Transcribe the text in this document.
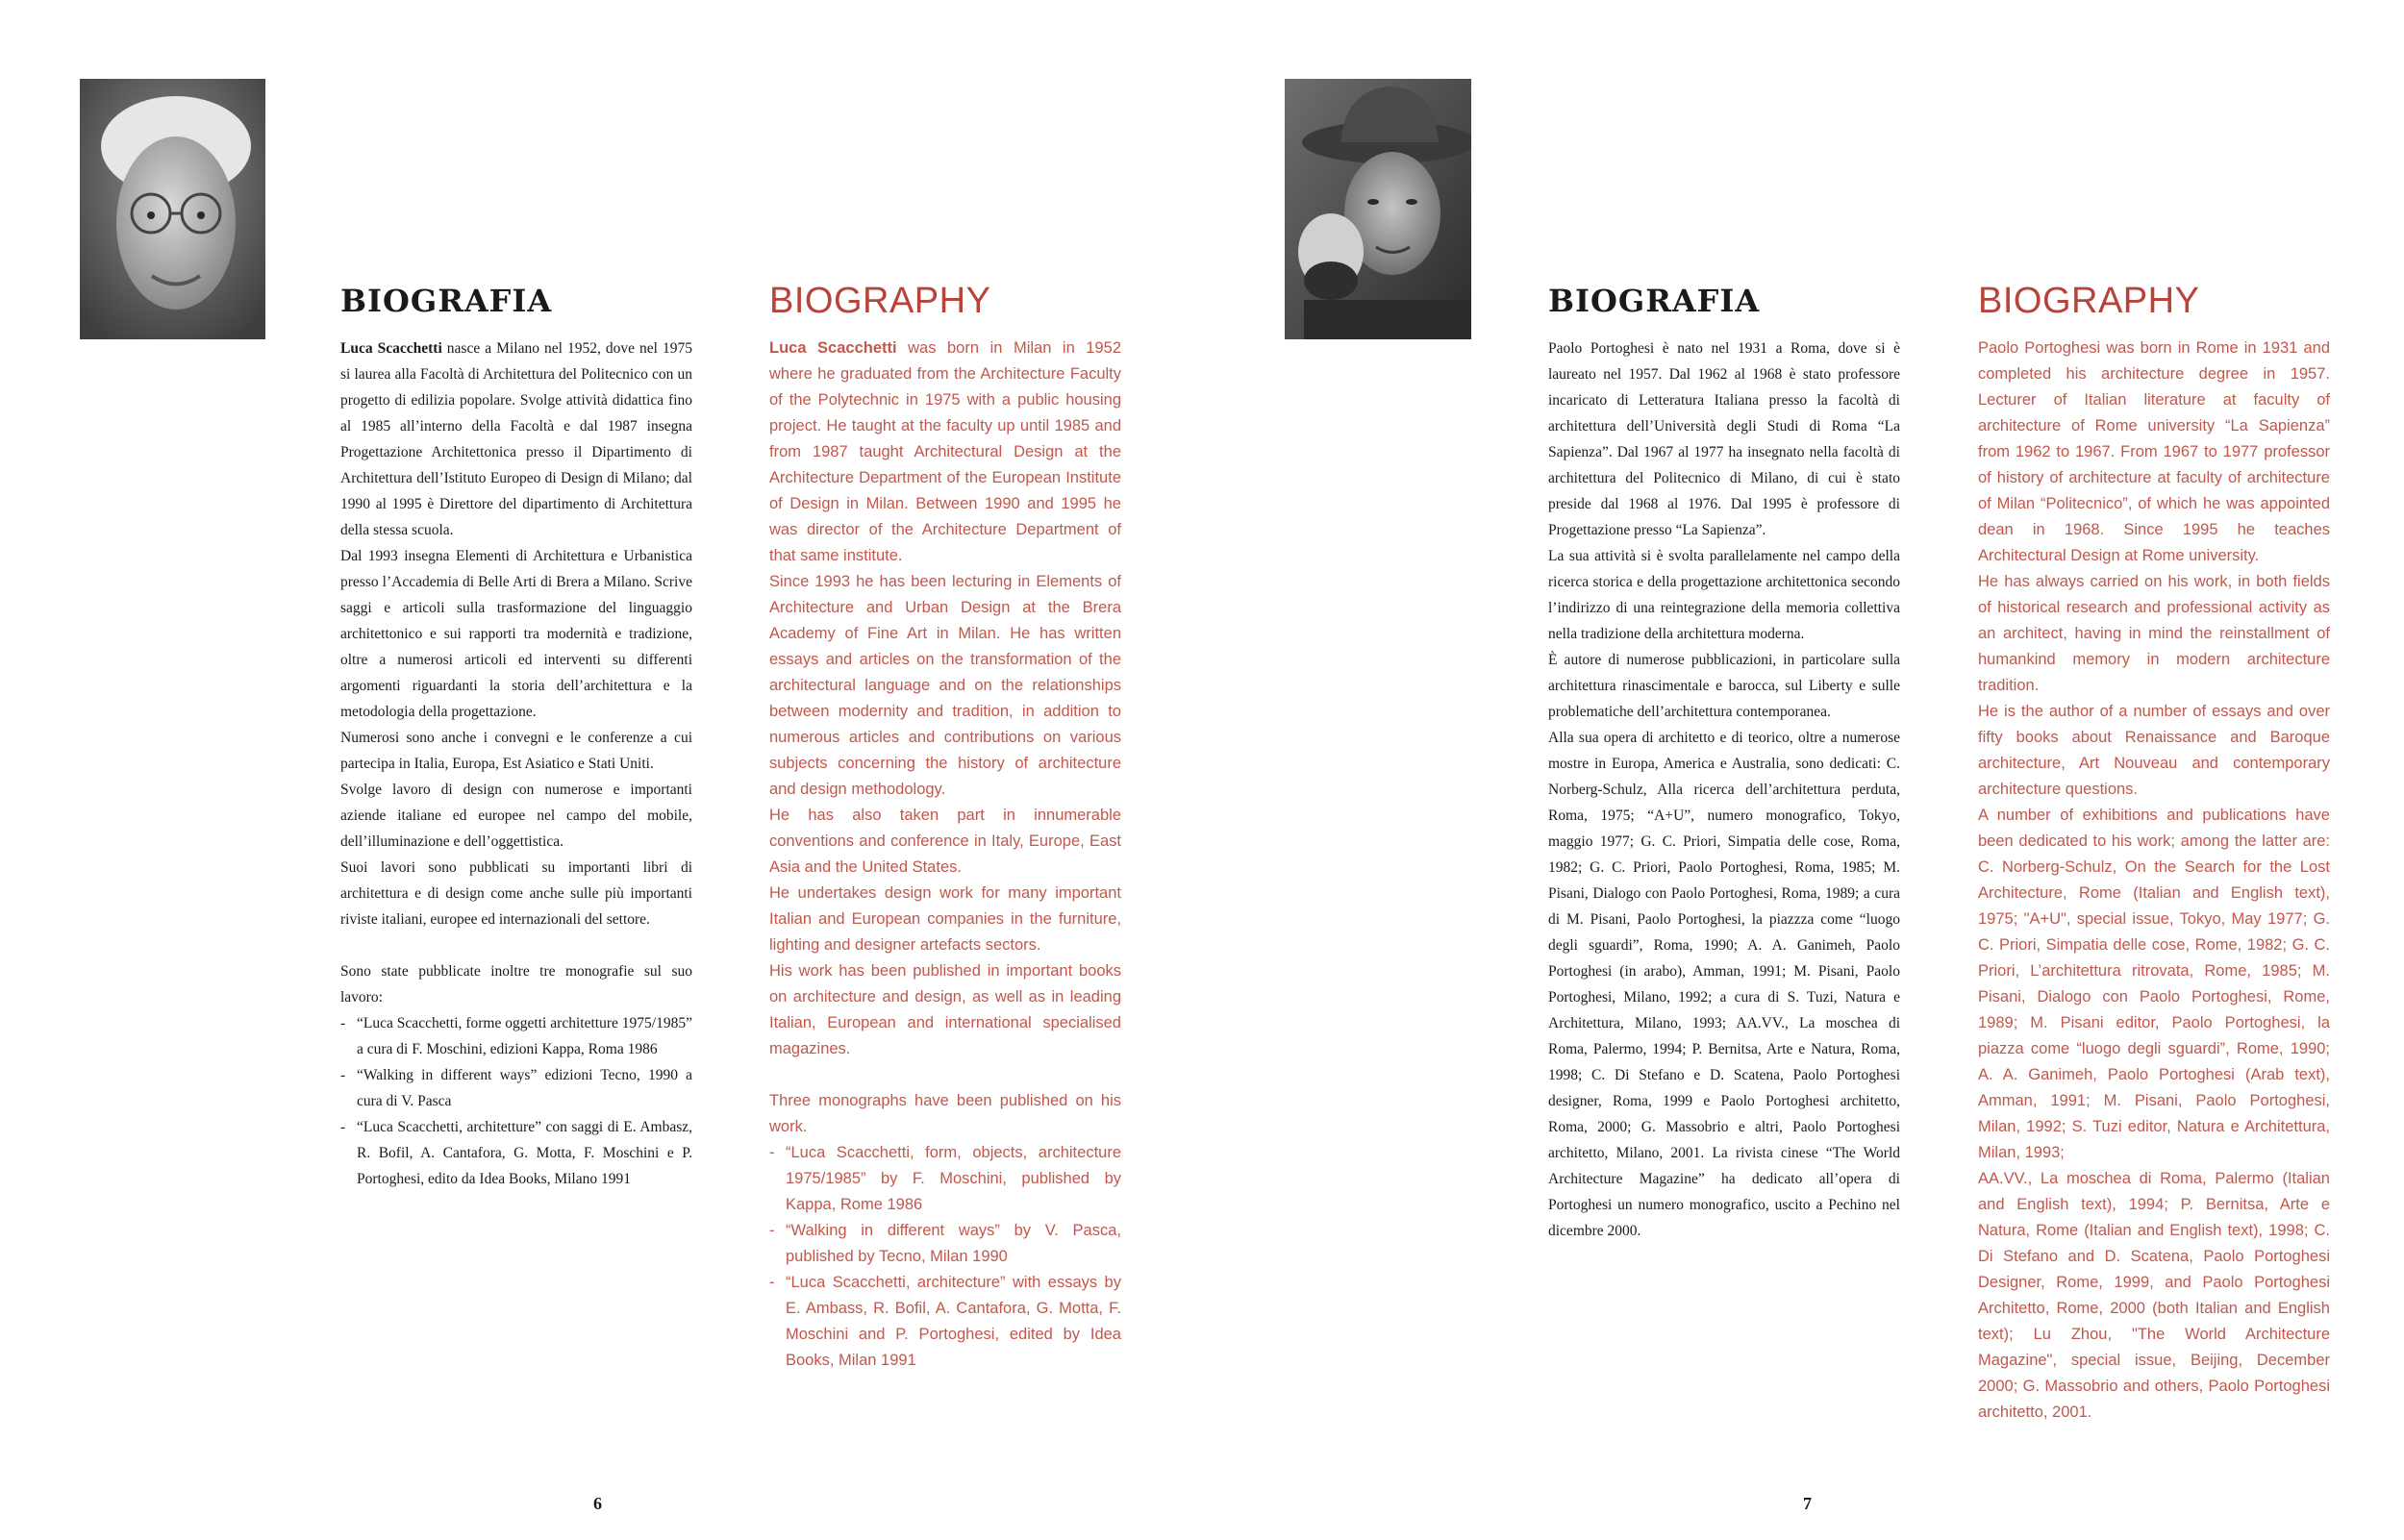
BIOGRAFIA	BIOGRAPHY

Luca Scacchetti nasce a Milano nel 1952, dove nel 1975 si laurea alla Facoltà di Architettura del Politecnico con un progetto di edilizia popolare. Svolge attività didattica fino al 1985 all’interno della Facoltà e dal 1987 insegna Progettazione Architettonica presso il Dipartimento di Architettura dell’Istituto Europeo di Design di Milano; dal 1990 al 1995 è Direttore del dipartimento di Architettura della stessa scuola.

Dal 1993 insegna Elementi di Architettura e Urbanistica presso l’Accademia di Belle Arti di Brera a Milano. Scrive saggi e articoli sulla trasformazione del linguaggio architettonico e sui rapporti tra modernità e tradizione, oltre a numerosi articoli ed interventi su differenti argomenti riguardanti la storia dell’architettura e la metodologia della progettazione.

Numerosi sono anche i convegni e le conferenze a cui partecipa in Italia, Europa, Est Asiatico e Stati Uniti.

Svolge lavoro di design con numerose e importanti aziende italiane ed europee nel campo del mobile, dell’illuminazione e dell’oggettistica.

Suoi lavori sono pubblicati su importanti libri di architettura e di design come anche sulle più importanti riviste italiani, europee ed internazionali del settore.

Sono state pubblicate inoltre tre monografie sul suo lavoro:

- “Luca Scacchetti, forme oggetti architetture 1975/1985” a cura di F. Moschini, edizioni Kappa, Roma 1986
- “Walking in different ways” edizioni Tecno, 1990 a cura di V. Pasca
- “Luca Scacchetti, architetture” con saggi di E. Ambasz, R. Bofil, A. Cantafora, G. Motta, F. Moschini e P. Portoghesi, edito da Idea Books, Milano 1991

Luca Scacchetti was born in Milan in 1952 where he graduated from the Architecture Faculty of the Polytechnic in 1975 with a public housing project. He taught at the faculty up until 1985 and from 1987 taught Architectural Design at the Architecture Department of the European Institute of Design in Milan. Between 1990 and 1995 he was director of the Architecture Department of that same institute.

Since 1993 he has been lecturing in Elements of Architecture and Urban Design at the Brera Academy of Fine Art in Milan. He has written essays and articles on the transformation of the architectural language and on the relationships between modernity and tradition, in addition to numerous articles and contributions on various subjects concerning the history of architecture and design methodology.

He has also taken part in innumerable conventions and conference in Italy, Europe, East Asia and the United States.

He undertakes design work for many important Italian and European companies in the furniture, lighting and designer artefacts sectors.

His work has been published in important books on architecture and design, as well as in leading Italian, European and international specialised magazines.

Three monographs have been published on his work.

- “Luca Scacchetti, form, objects, architecture 1975/1985” by F. Moschini, published by Kappa, Rome 1986
- “Walking in different ways” by V. Pasca, published by Tecno, Milan 1990
- “Luca Scacchetti, architecture” with essays by E. Ambass, R. Bofil, A. Cantafora, G. Motta, F. Moschini and P. Portoghesi, edited by Idea Books, Milan 1991
6
BIOGRAFIA	BIOGRAPHY

Paolo Portoghesi è nato nel 1931 a Roma, dove si è laureato nel 1957. Dal 1962 al 1968 è stato professore incaricato di Letteratura Italiana presso la facoltà di architettura dell’Università degli Studi di Roma “La Sapienza”. Dal 1967 al 1977 ha insegnato nella facoltà di architettura del Politecnico di Milano, di cui è stato preside dal 1968 al 1976. Dal 1995 è professore di Progettazione presso “La Sapienza”.

La sua attività si è svolta parallelamente nel campo della ricerca storica e della progettazione architettonica secondo l’indirizzo di una reintegrazione della memoria collettiva nella tradizione della architettura moderna.

È autore di numerose pubblicazioni, in particolare sulla architettura rinascimentale e barocca, sul Liberty e sulle problematiche dell’architettura contemporanea.

Alla sua opera di architetto e di teorico, oltre a numerose mostre in Europa, America e Australia, sono dedicati: C. Norberg-Schulz, Alla ricerca dell’architettura perduta, Roma, 1975; “A+U”, numero monografico, Tokyo, maggio 1977; G. C. Priori, Simpatia delle cose, Roma, 1982; G. C. Priori, Paolo Portoghesi, Roma, 1985; M. Pisani, Dialogo con Paolo Portoghesi, Roma, 1989; a cura di M. Pisani, Paolo Portoghesi, la piazzza come “luogo degli sguardi”, Roma, 1990; A. A. Ganimeh, Paolo Portoghesi (in arabo), Amman, 1991; M. Pisani, Paolo Portoghesi, Milano, 1992; a cura di S. Tuzi, Natura e Architettura, Milano, 1993; AA.VV., La moschea di Roma, Palermo, 1994; P. Bernitsa, Arte e Natura, Roma, 1998; C. Di Stefano e D. Scatena, Paolo Portoghesi designer, Roma, 1999 e Paolo Portoghesi architetto, Roma, 2000; G. Massobrio e altri, Paolo Portoghesi architetto, Milano, 2001. La rivista cinese “The World Architecture Magazine” ha dedicato all’opera di Portoghesi un numero monografico, uscito a Pechino nel dicembre 2000.

Paolo Portoghesi was born in Rome in 1931 and completed his architecture degree in 1957. Lecturer of Italian literature at faculty of architecture of Rome university “La Sapienza” from 1962 to 1967. From 1967 to 1977 professor of history of architecture at faculty of architecture of Milan “Politecnico”, of which he was appointed dean in 1968. Since 1995 he teaches Architectural Design at Rome university.

He has always carried on his work, in both fields of historical research and professional activity as an architect, having in mind the reinstallment of humankind memory in modern architecture tradition.

He is the author of a number of essays and over fifty books about Renaissance and Baroque architecture, Art Nouveau and contemporary architecture questions.

A number of exhibitions and publications have been dedicated to his work; among the latter are: C. Norberg-Schulz, On the Search for the Lost Architecture, Rome (Italian and English text), 1975; "A+U", special issue, Tokyo, May 1977; G. C. Priori, Simpatia delle cose, Rome, 1982; G. C. Priori, L’architettura ritrovata, Rome, 1985; M. Pisani, Dialogo con Paolo Portoghesi, Rome, 1989; M. Pisani editor, Paolo Portoghesi, la piazza come “luogo degli sguardi”, Rome, 1990; A. A. Ganimeh, Paolo Portoghesi (Arab text), Amman, 1991; M. Pisani, Paolo Portoghesi, Milan, 1992; S. Tuzi editor, Natura e Architettura, Milan, 1993;

AA.VV., La moschea di Roma, Palermo (Italian and English text), 1994; P. Bernitsa, Arte e Natura, Rome (Italian and English text), 1998; C. Di Stefano and D. Scatena, Paolo Portoghesi Designer, Rome, 1999, and Paolo Portoghesi Architetto, Rome, 2000 (both Italian and English text); Lu Zhou, "The World Architecture Magazine", special issue, Beijing, December 2000; G. Massobrio and others, Paolo Portoghesi architetto, 2001.

7
